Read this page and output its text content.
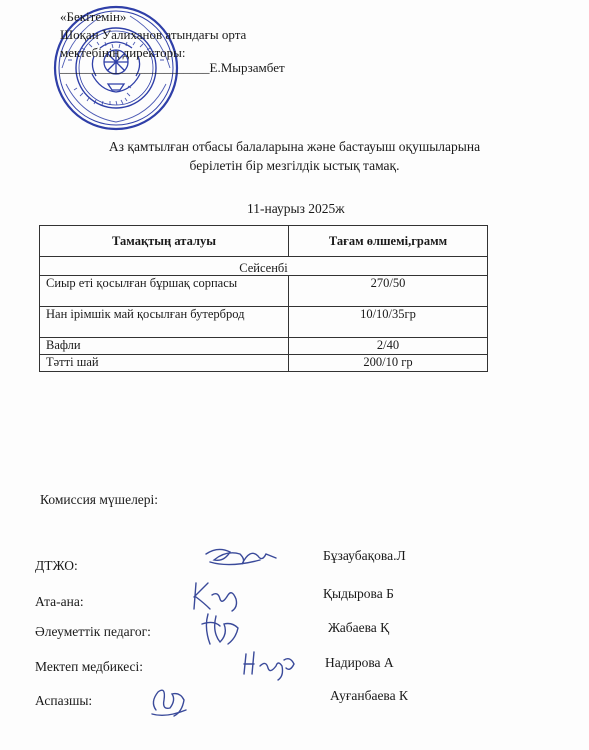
«Бекітемін»
Шоқан Уалиханов атындағы орта
мектебінің директоры:
_______________________Е.Мырзамбет
Аз қамтылған отбасы балаларына және бастауыш оқушыларына
берілетін бір мезгілдік ыстық тамақ.
11-наурыз 2025ж
Тамақтың аталуы	Тағам өлшемі,грамм
Сейсенбі	
Сиыр еті қосылған бұршақ сорпасы	270/50
Нан ірімшік май қосылған бутерброд	10/10/35гр
Вафли	2/40
Тәтті шай	200/10 гр
Комиссия мүшелері:
ДТЖО:
Бұзаубақова.Л
Ата-ана:
Қыдырова Б
Әлеуметтік педагог:	Жабаева Қ
Мектеп медбикесі:	Надирова А
Аспазшы:	Ауғанбаева К
